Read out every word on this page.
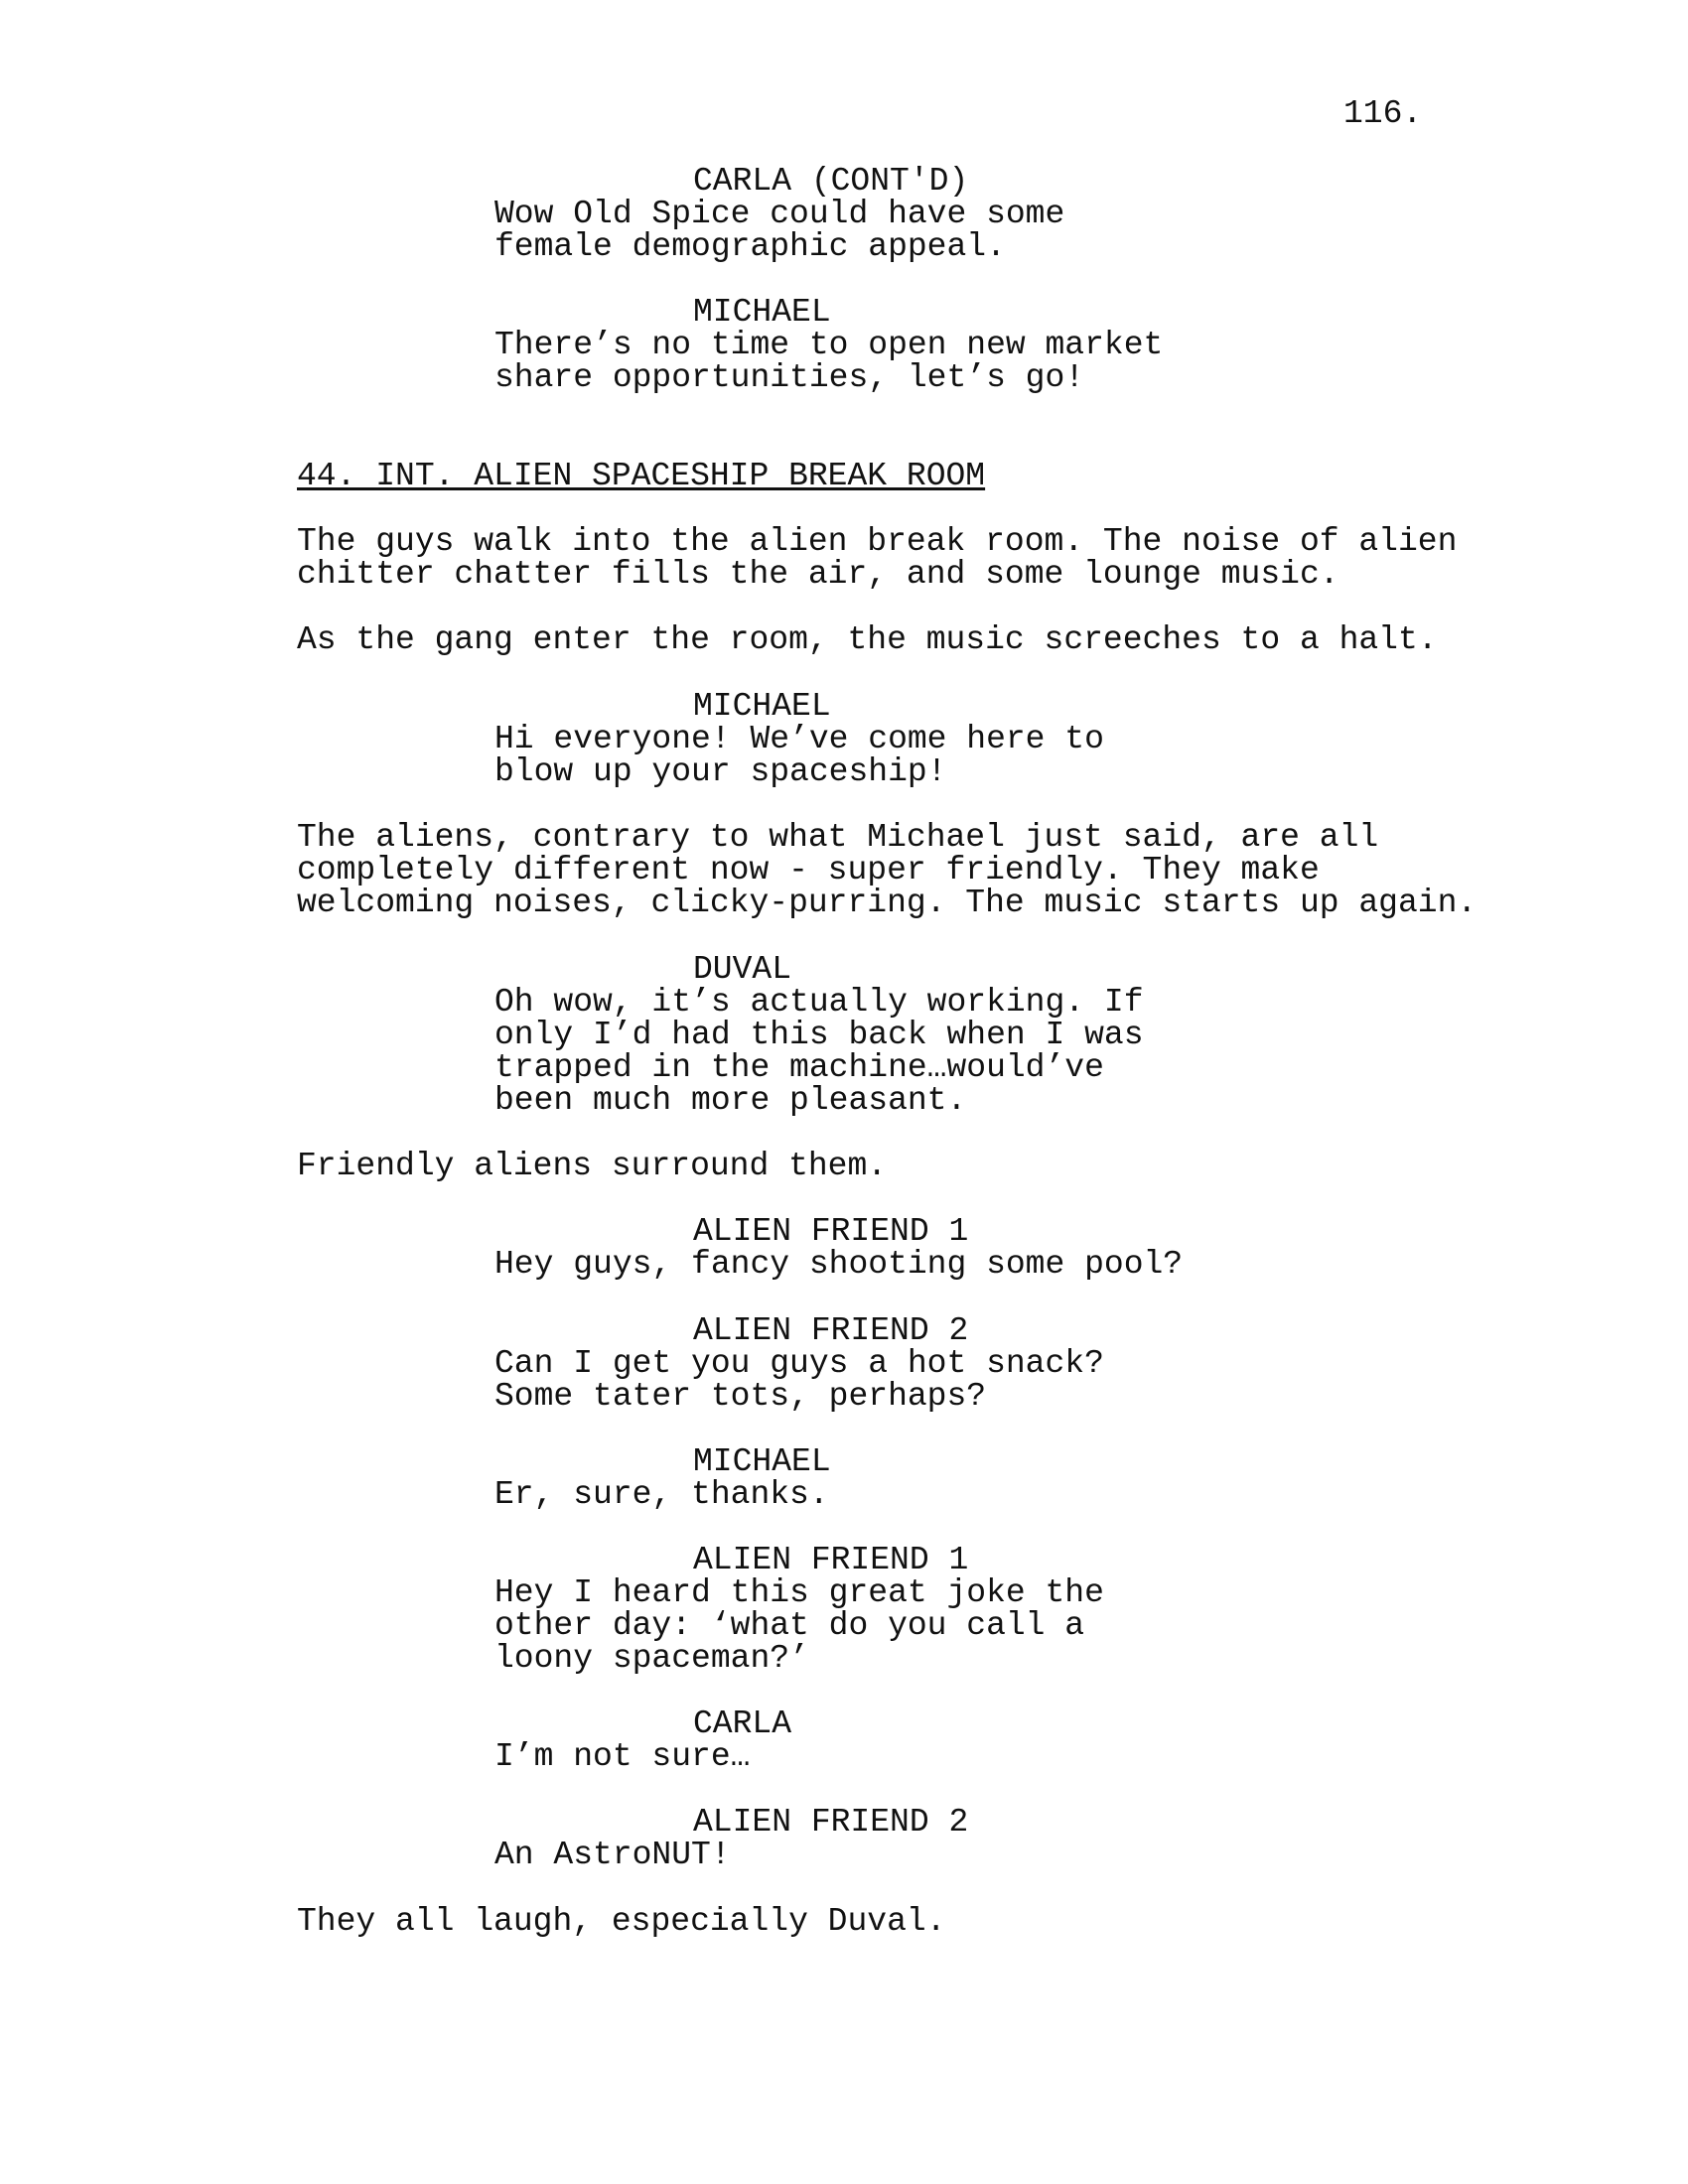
116.
CARLA (CONT'D)
Wow Old Spice could have some
female demographic appeal.
MICHAEL
There’s no time to open new market
share opportunities, let’s go!
44. INT. ALIEN SPACESHIP BREAK ROOM
The guys walk into the alien break room. The noise of alien
chitter chatter fills the air, and some lounge music.
As the gang enter the room, the music screeches to a halt.
MICHAEL
Hi everyone! We’ve come here to
blow up your spaceship!
The aliens, contrary to what Michael just said, are all
completely different now - super friendly. They make
welcoming noises, clicky-purring. The music starts up again.
DUVAL
Oh wow, it’s actually working. If
only I’d had this back when I was
trapped in the machine…would’ve
been much more pleasant.
Friendly aliens surround them.
ALIEN FRIEND 1
Hey guys, fancy shooting some pool?
ALIEN FRIEND 2
Can I get you guys a hot snack?
Some tater tots, perhaps?
MICHAEL
Er, sure, thanks.
ALIEN FRIEND 1
Hey I heard this great joke the
other day: ‘what do you call a
loony spaceman?’
CARLA
I’m not sure…
ALIEN FRIEND 2
An AstroNUT!
They all laugh, especially Duval.
